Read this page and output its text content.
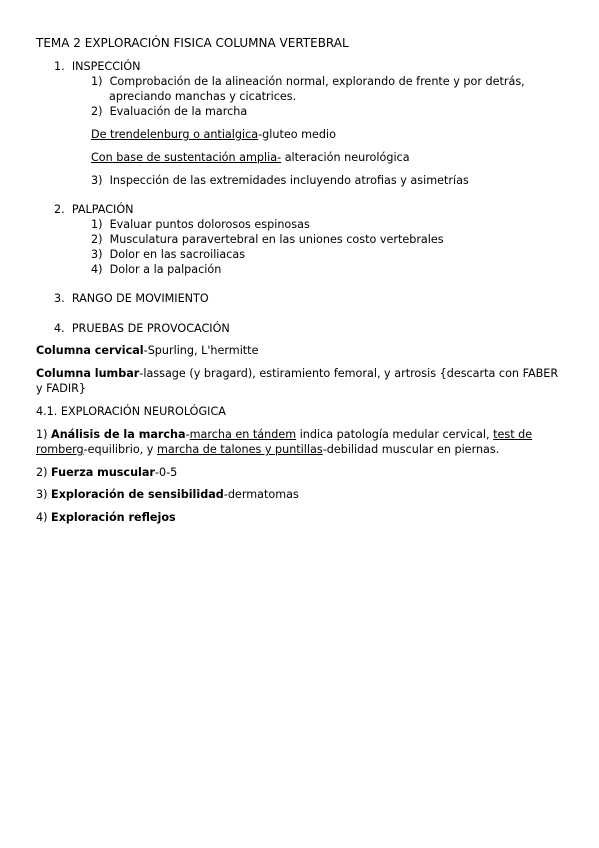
TEMA 2 EXPLORACIÓN FISICA COLUMNA VERTEBRAL
1. INSPECCIÓN
1) Comprobación de la alineación normal, explorando de frente y por detrás,
apreciando manchas y cicatrices.
2) Evaluación de la marcha
De trendelenburg o antialgica-gluteo medio
Con base de sustentación amplia- alteración neurológica
3) Inspección de las extremidades incluyendo atrofias y asimetrías
2. PALPACIÓN
1) Evaluar puntos dolorosos espinosas
2) Musculatura paravertebral en las uniones costo vertebrales
3) Dolor en las sacroiliacas
4) Dolor a la palpación
3. RANGO DE MOVIMIENTO
4. PRUEBAS DE PROVOCACIÓN
Columna cervical-Spurling, L'hermitte
Columna lumbar-lassage (y bragard), estiramiento femoral, y artrosis {descarta con FABER
y FADIR}
4.1. EXPLORACIÓN NEUROLÓGICA
1) Análisis de la marcha-marcha en tándem indica patología medular cervical, test de
romberg-equilibrio, y marcha de talones y puntillas-debilidad muscular en piernas.
2) Fuerza muscular-0-5
3) Exploración de sensibilidad-dermatomas
4) Exploración reflejos
